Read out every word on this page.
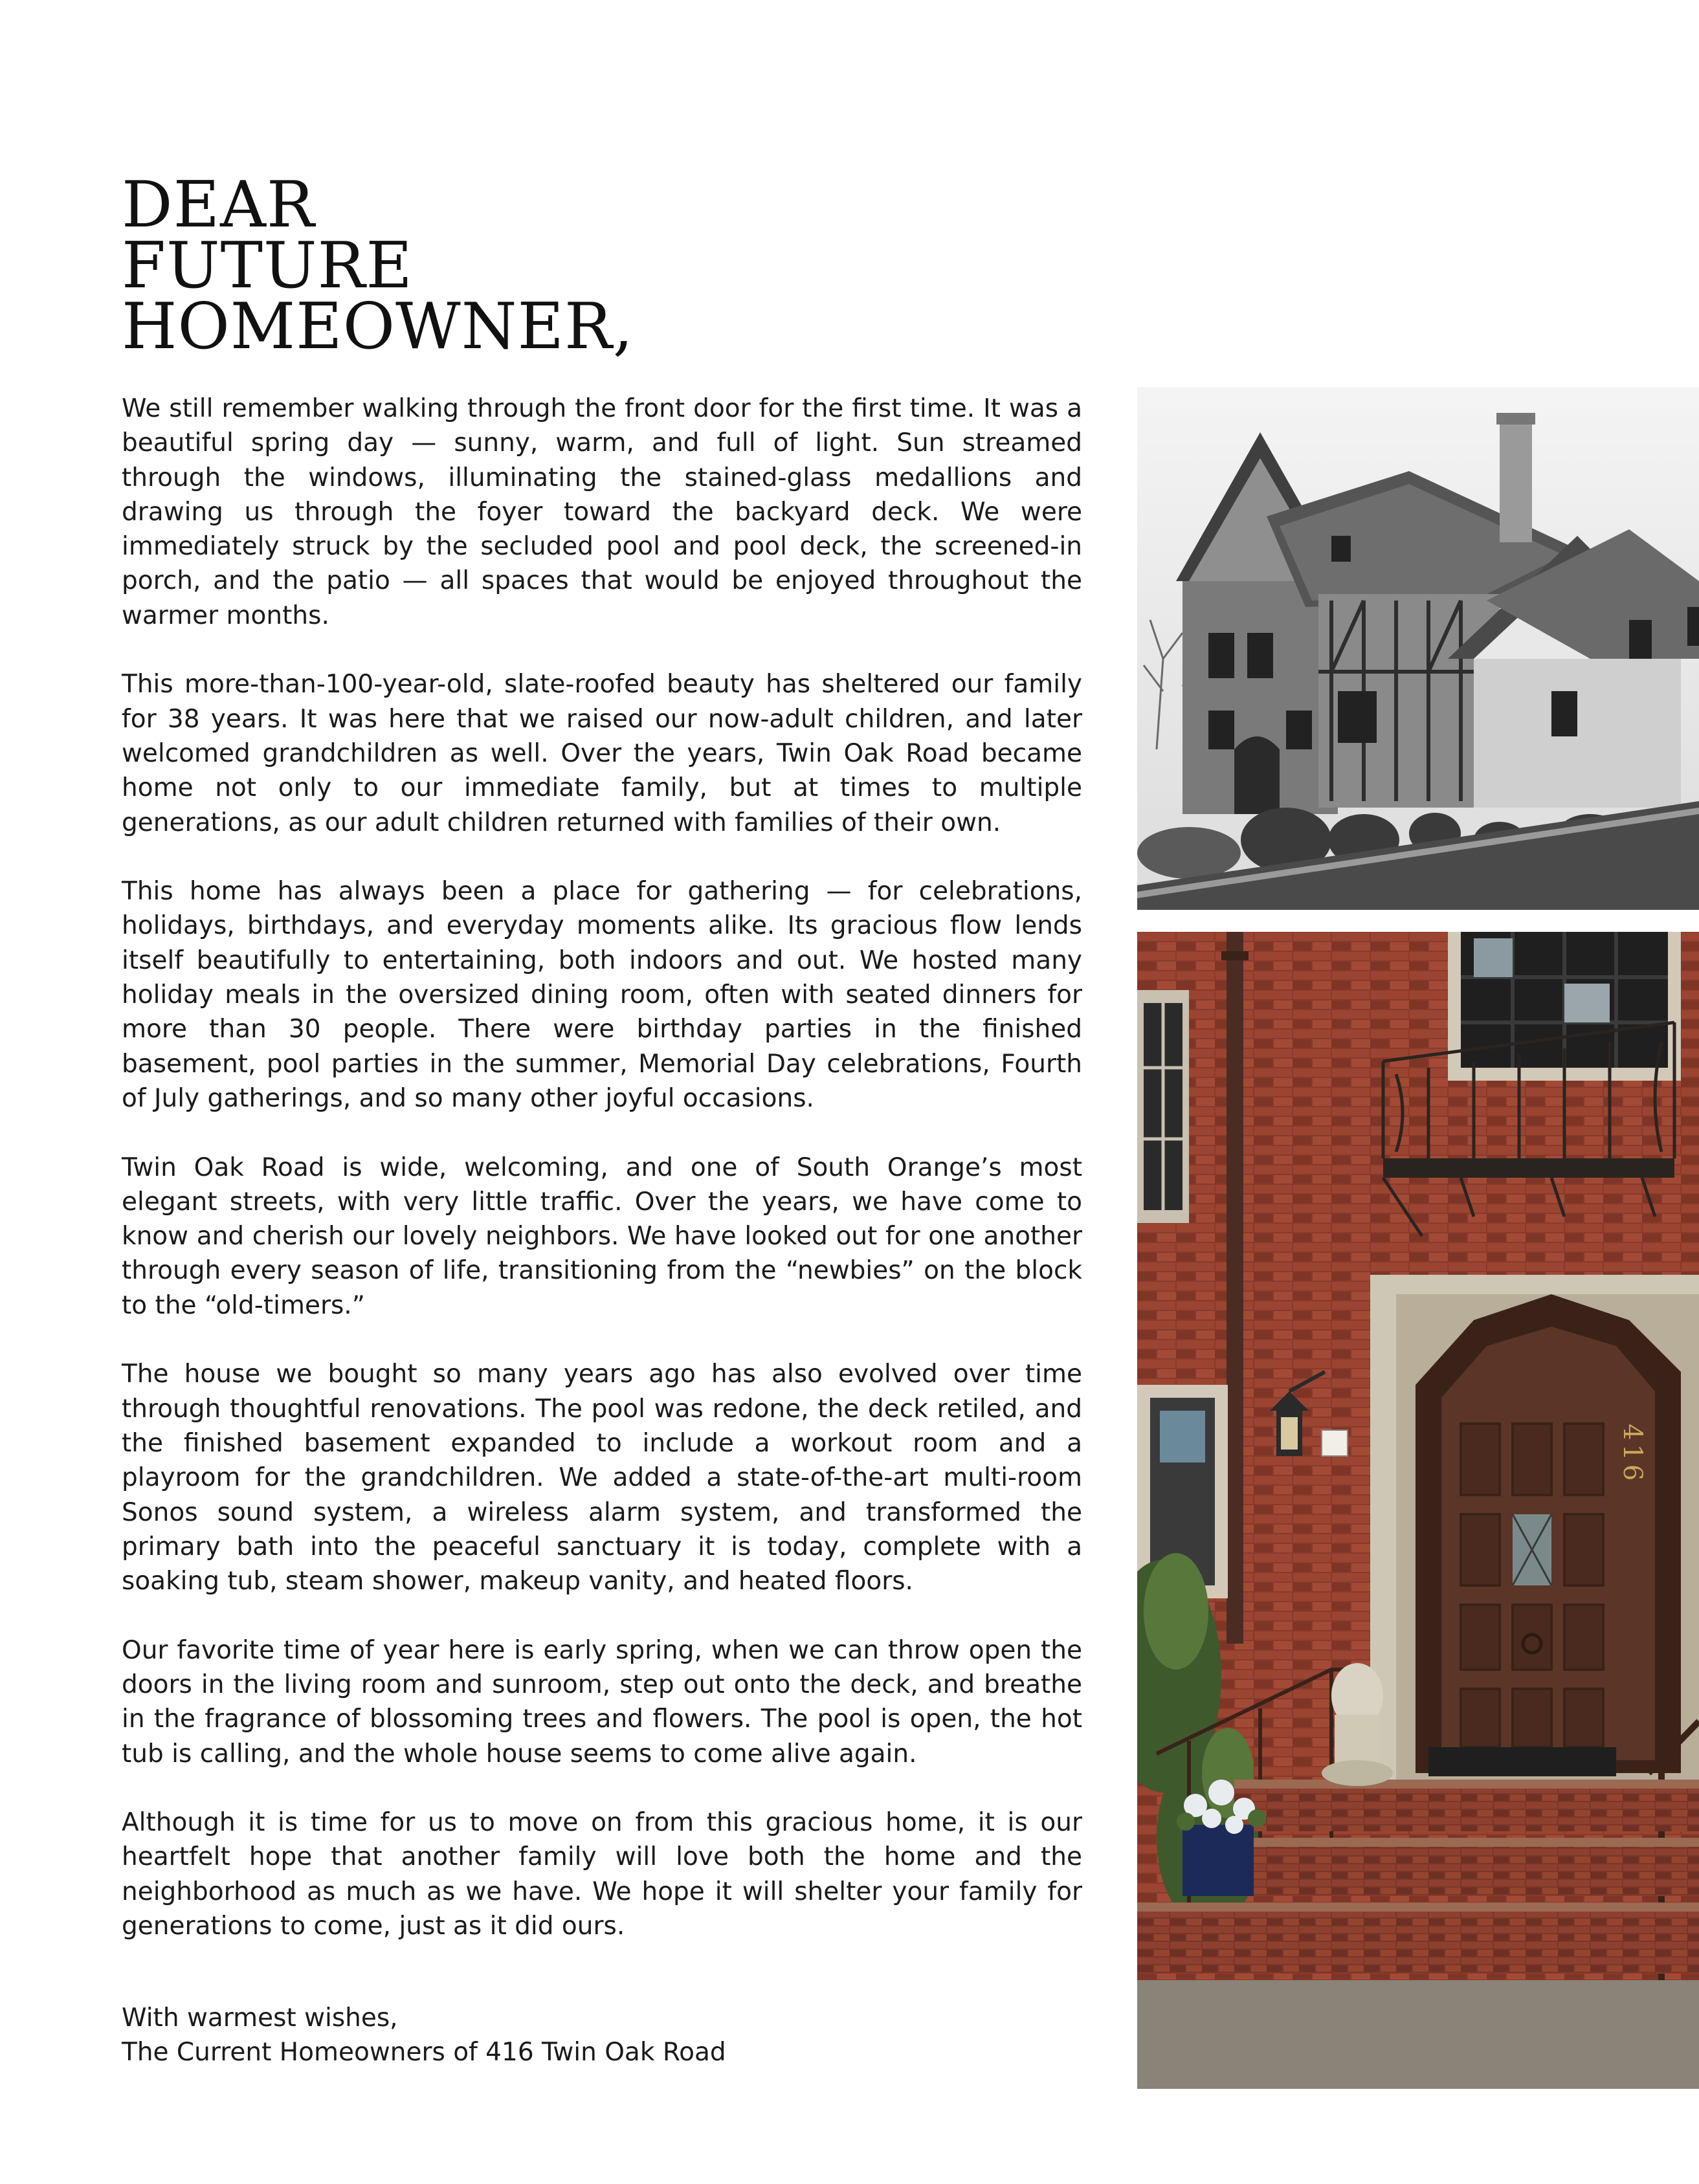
DEAR
FUTURE
HOMEOWNER,

We still remember walking through the front door for the first time. It was a beautiful spring day — sunny, warm, and full of light. Sun streamed through the windows, illuminating the stained-glass medallions and drawing us through the foyer toward the backyard deck. We were immediately struck by the secluded pool and pool deck, the screened-in porch, and the patio — all spaces that would be enjoyed throughout the warmer months.

This more-than-100-year-old, slate-roofed beauty has sheltered our family for 38 years. It was here that we raised our now-adult children, and later welcomed grandchildren as well. Over the years, Twin Oak Road became home not only to our immediate family, but at times to multiple generations, as our adult children returned with families of their own.

This home has always been a place for gathering — for celebrations, holidays, birthdays, and everyday moments alike. Its gracious flow lends itself beautifully to entertaining, both indoors and out. We hosted many holiday meals in the oversized dining room, often with seated dinners for more than 30 people. There were birthday parties in the finished basement, pool parties in the summer, Memorial Day celebrations, Fourth of July gatherings, and so many other joyful occasions.

Twin Oak Road is wide, welcoming, and one of South Orange’s most elegant streets, with very little traffic. Over the years, we have come to know and cherish our lovely neighbors. We have looked out for one another through every season of life, transitioning from the “newbies” on the block to the “old-timers.”

The house we bought so many years ago has also evolved over time through thoughtful renovations. The pool was redone, the deck retiled, and the finished basement expanded to include a workout room and a playroom for the grandchildren. We added a state-of-the-art multi-room Sonos sound system, a wireless alarm system, and transformed the primary bath into the peaceful sanctuary it is today, complete with a soaking tub, steam shower, makeup vanity, and heated floors.

Our favorite time of year here is early spring, when we can throw open the doors in the living room and sunroom, step out onto the deck, and breathe in the fragrance of blossoming trees and flowers. The pool is open, the hot tub is calling, and the whole house seems to come alive again.

Although it is time for us to move on from this gracious home, it is our heartfelt hope that another family will love both the home and the neighborhood as much as we have. We hope it will shelter your family for generations to come, just as it did ours.

With warmest wishes,
The Current Homeowners of 416 Twin Oak Road
416
